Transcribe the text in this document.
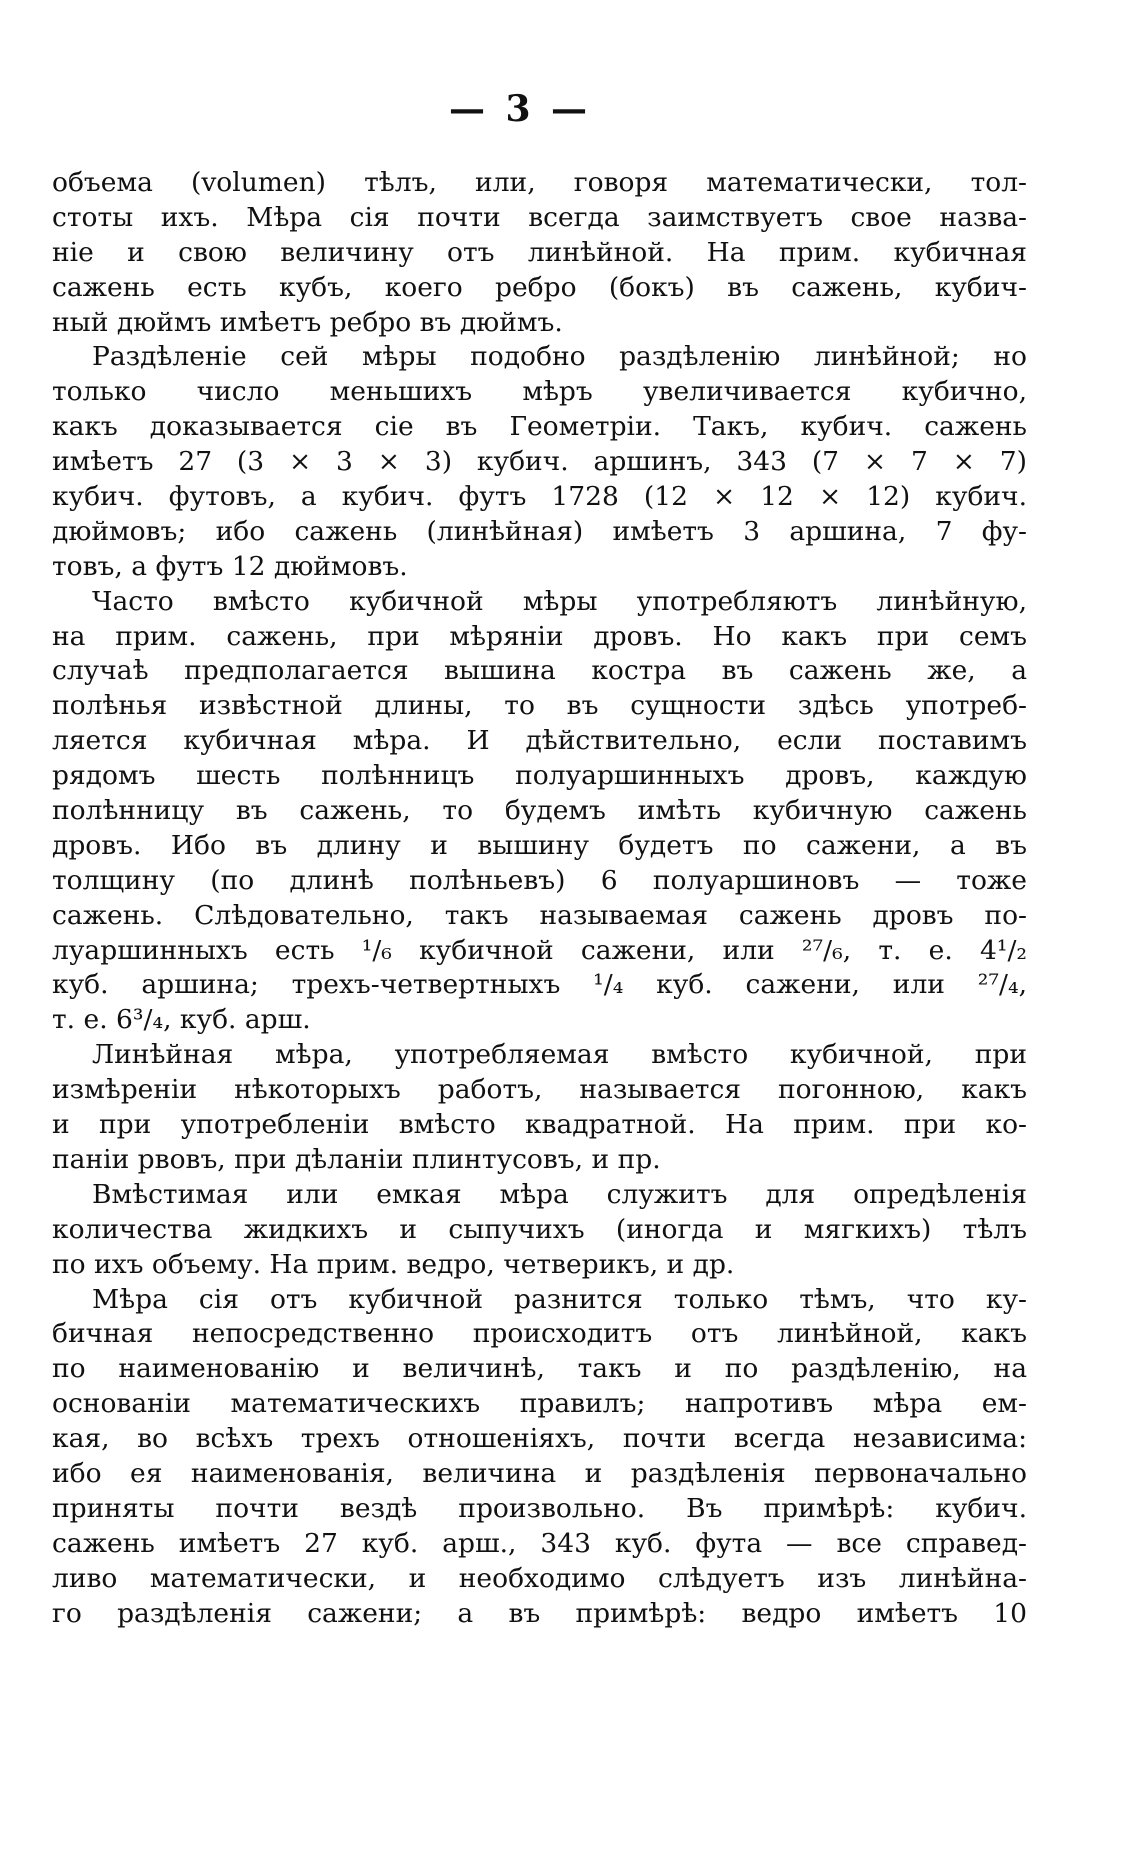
— 3 —
объема (volumen) тѣлъ, или, говоря математически, тол-
стоты ихъ. Мѣра сія почти всегда заимствуетъ свое назва-
ніе и свою величину отъ линѣйной. На прим. кубичная
сажень есть кубъ, коего ребро (бокъ) въ сажень, кубич-
ный дюймъ имѣетъ ребро въ дюймъ.
Раздѣленіе сей мѣры подобно раздѣленію линѣйной; но
только число меньшихъ мѣръ увеличивается кубично,
какъ доказывается сіе въ Геометріи. Такъ, кубич. сажень
имѣетъ 27 (3 × 3 × 3) кубич. аршинъ, 343 (7 × 7 × 7)
кубич. футовъ, а кубич. футъ 1728 (12 × 12 × 12) кубич.
дюймовъ; ибо сажень (линѣйная) имѣетъ 3 аршина, 7 фу-
товъ, а футъ 12 дюймовъ.
Часто вмѣсто кубичной мѣры употребляютъ линѣйную,
на прим. сажень, при мѣряніи дровъ. Но какъ при семъ
случаѣ предполагается вышина костра въ сажень же, а
полѣнья извѣстной длины, то въ сущности здѣсь употреб-
ляется кубичная мѣра. И дѣйствительно, если поставимъ
рядомъ шесть полѣнницъ полуаршинныхъ дровъ, каждую
полѣнницу въ сажень, то будемъ имѣть кубичную сажень
дровъ. Ибо въ длину и вышину будетъ по сажени, а въ
толщину (по длинѣ полѣньевъ) 6 полуаршиновъ — тоже
сажень. Слѣдовательно, такъ называемая сажень дровъ по-
луаршинныхъ есть ¹/₆ кубичной сажени, или ²⁷/₆, т. е. 4¹/₂
куб. аршина; трехъ-четвертныхъ ¹/₄ куб. сажени, или ²⁷/₄,
т. е. 6³/₄, куб. арш.
Линѣйная мѣра, употребляемая вмѣсто кубичной, при
измѣреніи нѣкоторыхъ работъ, называется погонною, какъ
и при употребленіи вмѣсто квадратной. На прим. при ко-
паніи рвовъ, при дѣланіи плинтусовъ, и пр.
Вмѣстимая или емкая мѣра служитъ для опредѣленія
количества жидкихъ и сыпучихъ (иногда и мягкихъ) тѣлъ
по ихъ объему. На прим. ведро, четверикъ, и др.
Мѣра сія отъ кубичной разнится только тѣмъ, что ку-
бичная непосредственно происходитъ отъ линѣйной, какъ
по наименованію и величинѣ, такъ и по раздѣленію, на
основаніи математическихъ правилъ; напротивъ мѣра ем-
кая, во всѣхъ трехъ отношеніяхъ, почти всегда независима:
ибо ея наименованія, величина и раздѣленія первоначально
приняты почти вездѣ произвольно. Въ примѣрѣ: кубич.
сажень имѣетъ 27 куб. арш., 343 куб. фута — все справед-
ливо математически, и необходимо слѣдуетъ изъ линѣйна-
го раздѣленія сажени; а въ примѣрѣ: ведро имѣетъ 10
